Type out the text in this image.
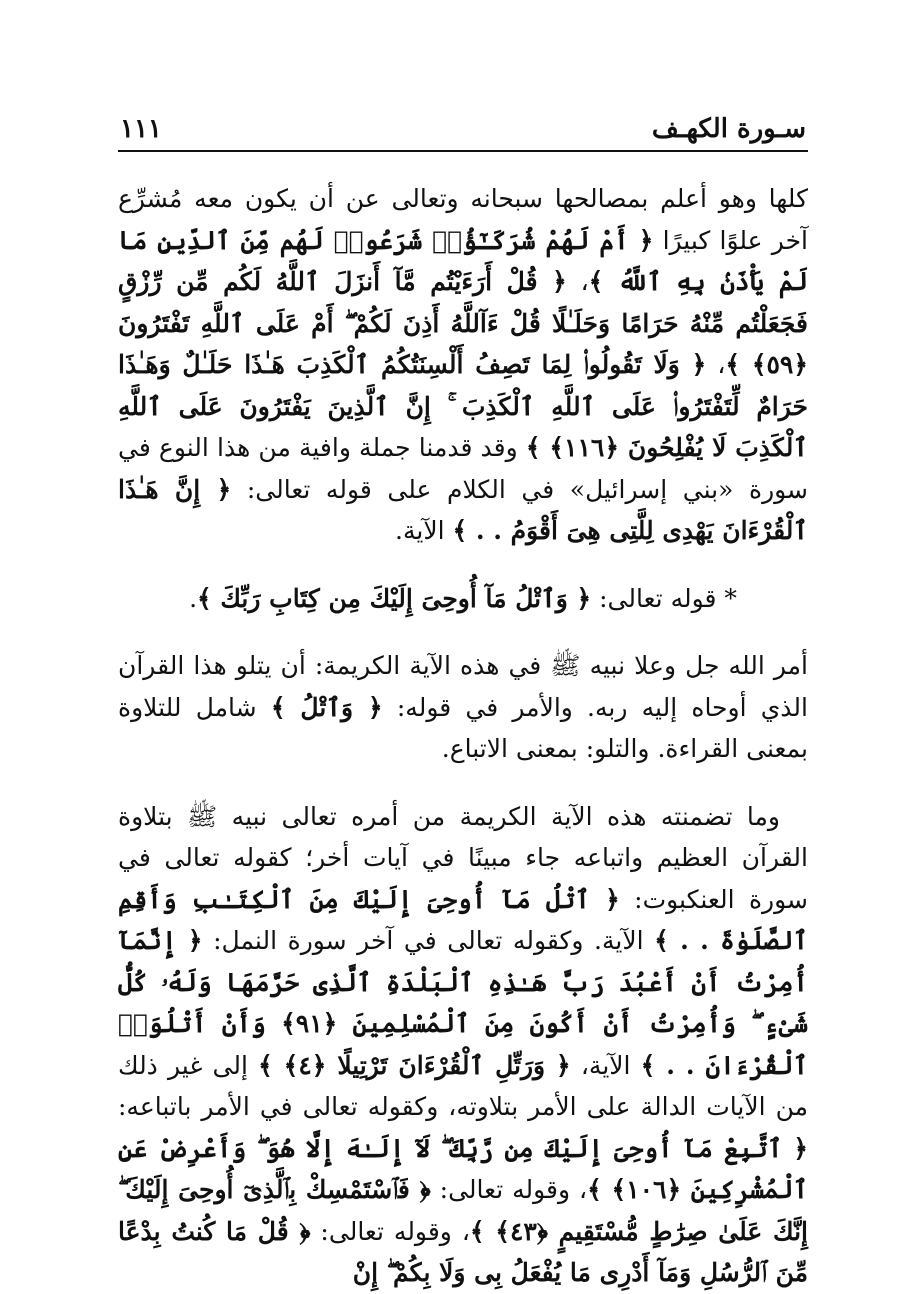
سـورة الكهـف
١١١

كلها وهو أعلم بمصالحها سبحانه وتعالى عن أن يكون معه مُشرِّع آخر علوًا كبيرًا ﴿ أَمْ لَهُمْ شُرَكَـٰٓؤُا۟ شَرَعُوا۟ لَهُم مِّنَ ٱلدِّينِ مَا لَمْ يَأْذَنۢ بِهِ ٱللَّهُ ﴾، ﴿ قُلْ أَرَءَيْتُم مَّآ أَنزَلَ ٱللَّهُ لَكُم مِّن رِّزْقٍ فَجَعَلْتُم مِّنْهُ حَرَامًا وَحَلَـٰلًا قُلْ ءَآللَّهُ أَذِنَ لَكُمْ ۖ أَمْ عَلَى ٱللَّهِ تَفْتَرُونَ ﴿٥٩﴾ ﴾، ﴿ وَلَا تَقُولُوا۟ لِمَا تَصِفُ أَلْسِنَتُكُمُ ٱلْكَذِبَ هَـٰذَا حَلَـٰلٌ وَهَـٰذَا حَرَامٌ لِّتَفْتَرُوا۟ عَلَى ٱللَّهِ ٱلْكَذِبَ ۚ إِنَّ ٱلَّذِينَ يَفْتَرُونَ عَلَى ٱللَّهِ ٱلْكَذِبَ لَا يُفْلِحُونَ ﴿١١٦﴾ ﴾ وقد قدمنا جملة وافية من هذا النوع في سورة «بني إسرائيل» في الكلام على قوله تعالى: ﴿ إِنَّ هَـٰذَا ٱلْقُرْءَانَ يَهْدِى لِلَّتِى هِىَ أَقْوَمُ . . ﴾ الآية.

* قوله تعالى: ﴿ وَٱتْلُ مَآ أُوحِىَ إِلَيْكَ مِن كِتَابِ رَبِّكَ ﴾.

أمر الله جل وعلا نبيه ﷺ في هذه الآية الكريمة: أن يتلو هذا القرآن الذي أوحاه إليه ربه. والأمر في قوله: ﴿ وَٱتْلُ ﴾ شامل للتلاوة بمعنى القراءة. والتلو: بمعنى الاتباع.

وما تضمنته هذه الآية الكريمة من أمره تعالى نبيه ﷺ بتلاوة القرآن العظيم واتباعه جاء مبينًا في آيات أخر؛ كقوله تعالى في سورة العنكبوت: ﴿ ٱتْلُ مَآ أُوحِىَ إِلَيْكَ مِنَ ٱلْكِتَـٰبِ وَأَقِمِ ٱلصَّلَوٰةَ . . ﴾ الآية. وكقوله تعالى في آخر سورة النمل: ﴿ إِنَّمَآ أُمِرْتُ أَنْ أَعْبُدَ رَبَّ هَـٰذِهِ ٱلْبَلْدَةِ ٱلَّذِى حَرَّمَهَا وَلَهُۥ كُلُّ شَىْءٍ ۖ وَأُمِرْتُ أَنْ أَكُونَ مِنَ ٱلْمُسْلِمِينَ ﴿٩١﴾ وَأَنْ أَتْلُوَا۟ ٱلْقُرْءَانَ . . ﴾ الآية، ﴿ وَرَتِّلِ ٱلْقُرْءَانَ تَرْتِيلًا ﴿٤﴾ ﴾ إلى غير ذلك من الآيات الدالة على الأمر بتلاوته، وكقوله تعالى في الأمر باتباعه: ﴿ ٱتَّبِعْ مَآ أُوحِىَ إِلَيْكَ مِن رَّبِّكَ ۖ لَآ إِلَـٰهَ إِلَّا هُوَ ۖ وَأَعْرِضْ عَنِ ٱلْمُشْرِكِينَ ﴿١٠٦﴾ ﴾، وقوله تعالى: ﴿ فَٱسْتَمْسِكْ بِٱلَّذِىٓ أُوحِىَ إِلَيْكَ ۖ إِنَّكَ عَلَىٰ صِرَٰطٍ مُّسْتَقِيمٍ ﴿٤٣﴾ ﴾، وقوله تعالى: ﴿ قُلْ مَا كُنتُ بِدْعًا مِّنَ ٱلرُّسُلِ وَمَآ أَدْرِى مَا يُفْعَلُ بِى وَلَا بِكُمْ ۖ إِنْ
